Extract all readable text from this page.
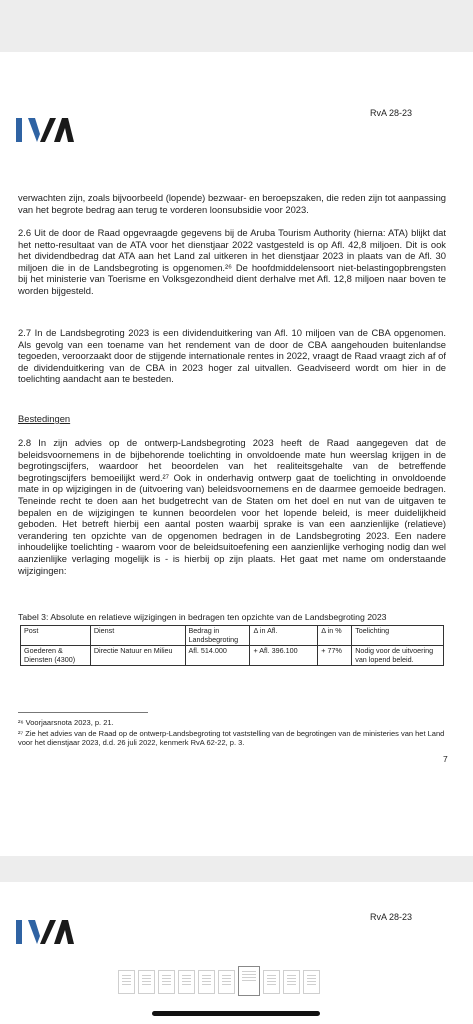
RvA 28-23

verwachten zijn, zoals bijvoorbeeld (lopende) bezwaar- en beroepszaken, die reden zijn tot aanpassing van het begrote bedrag aan terug te vorderen loonsubsidie voor 2023.

2.6 Uit de door de Raad opgevraagde gegevens bij de Aruba Tourism Authority (hierna: ATA) blijkt dat het netto-resultaat van de ATA voor het dienstjaar 2022 vastgesteld is op Afl. 42,8 miljoen. Dit is ook het dividendbedrag dat ATA aan het Land zal uitkeren in het dienstjaar 2023 in plaats van de Afl. 30 miljoen die in de Landsbegroting is opgenomen.²⁶ De hoofdmiddelensoort niet-belastingopbrengsten bij het ministerie van Toerisme en Volksgezondheid dient derhalve met Afl. 12,8 miljoen naar boven te worden bijgesteld.

2.7 In de Landsbegroting 2023 is een dividenduitkering van Afl. 10 miljoen van de CBA opgenomen. Als gevolg van een toename van het rendement van de door de CBA aangehouden buitenlandse tegoeden, veroorzaakt door de stijgende internationale rentes in 2022, vraagt de Raad vraagt zich af of de dividenduitkering van de CBA in 2023 hoger zal uitvallen. Geadviseerd wordt om hier in de toelichting aandacht aan te besteden.

Bestedingen

2.8 In zijn advies op de ontwerp-Landsbegroting 2023 heeft de Raad aangegeven dat de beleidsvoornemens in de bijbehorende toelichting in onvoldoende mate hun weerslag krijgen in de begrotingscijfers, waardoor het beoordelen van het realiteitsgehalte van de betreffende begrotingscijfers bemoeilijkt werd.²⁷ Ook in onderhavig ontwerp gaat de toelichting in onvoldoende mate in op wijzigingen in de (uitvoering van) beleidsvoornemens en de daarmee gemoeide bedragen. Teneinde recht te doen aan het budgetrecht van de Staten om het doel en nut van de uitgaven te bepalen en de wijzigingen te kunnen beoordelen voor het lopende beleid, is meer duidelijkheid geboden. Het betreft hierbij een aantal posten waarbij sprake is van een aanzienlijke (relatieve) verandering ten opzichte van de opgenomen bedragen in de Landsbegroting 2023. Een nadere inhoudelijke toelichting - waarom voor de beleidsuitoefening een aanzienlijke verhoging nodig dan wel aanzienlijke verlaging mogelijk is - is hierbij op zijn plaats. Het gaat met name om onderstaande wijzigingen:

Tabel 3: Absolute en relatieve wijzigingen in bedragen ten opzichte van de Landsbegroting 2023
Post	Dienst	Bedrag in Landsbegroting	Δ in Afl.	Δ in %	Toelichting
Goederen & Diensten (4300)	Directie Natuur en Milieu	Afl. 514.000	+ Afl. 396.100	+ 77%	Nodig voor de uitvoering van lopend beleid.
²⁶ Voorjaarsnota 2023, p. 21.
²⁷ Zie het advies van de Raad op de ontwerp-Landsbegroting tot vaststelling van de begrotingen van de ministeries van het Land voor het dienstjaar 2023, d.d. 26 juli 2022, kenmerk RvA 62-22, p. 3.
7
RvA 28-23
